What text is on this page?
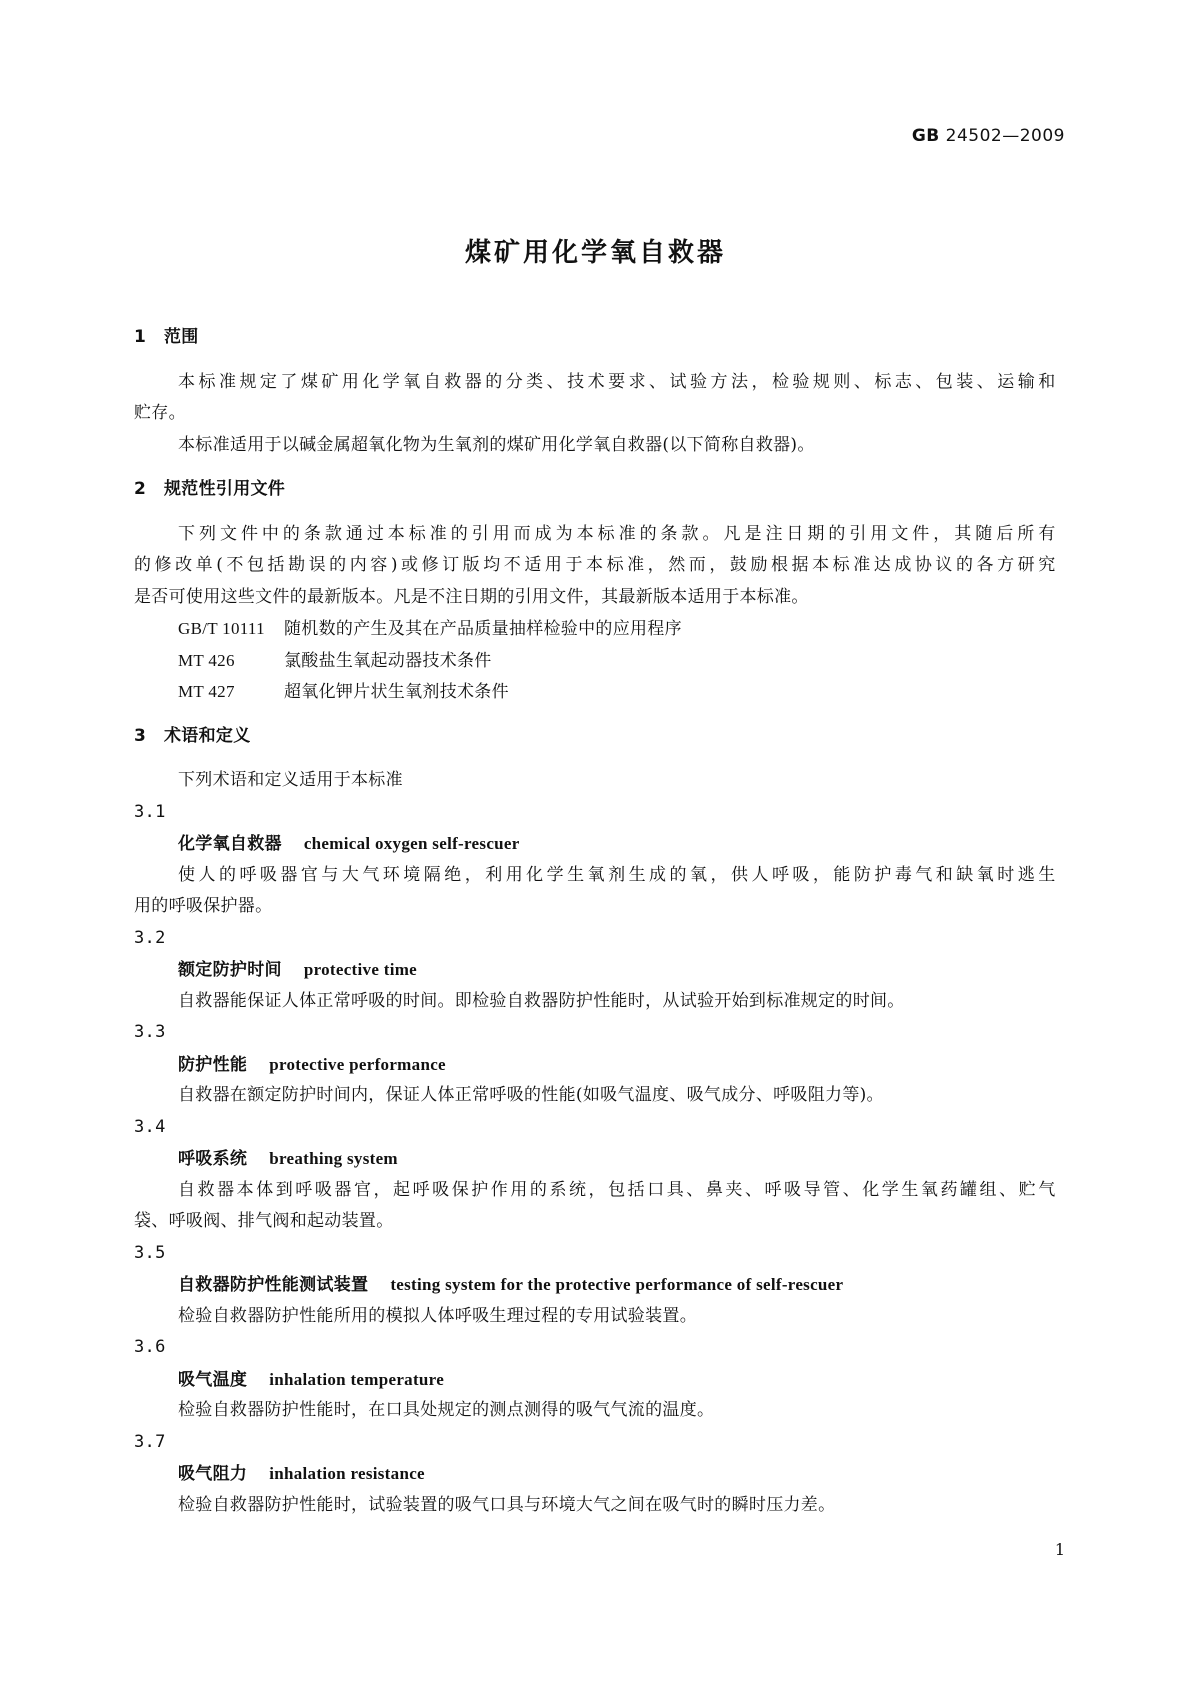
GB 24502—2009
煤矿用化学氧自救器
1 范围
本标准规定了煤矿用化学氧自救器的分类、技术要求、试验方法，检验规则、标志、包装、运输和
贮存。
本标准适用于以碱金属超氧化物为生氧剂的煤矿用化学氧自救器(以下简称自救器)。
2 规范性引用文件
下列文件中的条款通过本标准的引用而成为本标准的条款。凡是注日期的引用文件，其随后所有
的修改单(不包括勘误的内容)或修订版均不适用于本标准，然而，鼓励根据本标准达成协议的各方研究
是否可使用这些文件的最新版本。凡是不注日期的引用文件，其最新版本适用于本标准。
GB/T 10111 随机数的产生及其在产品质量抽样检验中的应用程序
MT 426	氯酸盐生氧起动器技术条件
MT 427	超氧化钾片状生氧剂技术条件
3 术语和定义
下列术语和定义适用于本标准
3.1
化学氧自救器 chemical oxygen self-rescuer
使人的呼吸器官与大气环境隔绝，利用化学生氧剂生成的氧，供人呼吸，能防护毒气和缺氧时逃生
用的呼吸保护器。
3.2
额定防护时间 protective time
自救器能保证人体正常呼吸的时间。即检验自救器防护性能时，从试验开始到标准规定的时间。
3.3
防护性能 protective performance
自救器在额定防护时间内，保证人体正常呼吸的性能(如吸气温度、吸气成分、呼吸阻力等)。
3.4
呼吸系统 breathing system
自救器本体到呼吸器官，起呼吸保护作用的系统，包括口具、鼻夹、呼吸导管、化学生氧药罐组、贮气
袋、呼吸阀、排气阀和起动装置。
3.5
自救器防护性能测试装置 testing system for the protective performance of self-rescuer
检验自救器防护性能所用的模拟人体呼吸生理过程的专用试验装置。
3.6
吸气温度 inhalation temperature
检验自救器防护性能时，在口具处规定的测点测得的吸气气流的温度。
3.7
吸气阻力 inhalation resistance
检验自救器防护性能时，试验装置的吸气口具与环境大气之间在吸气时的瞬时压力差。
1
